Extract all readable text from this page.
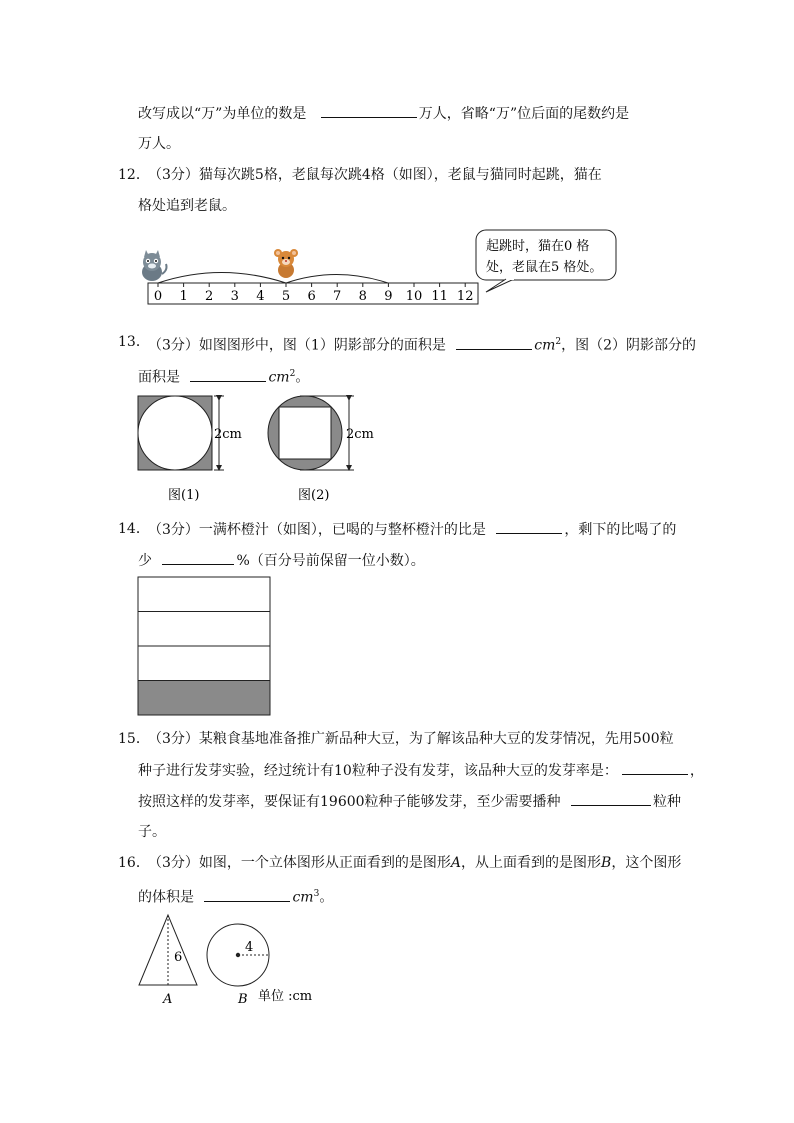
改写成以“万”为单位的数是	万人，省略“万”位后面的尾数约是
万人。
12．
（3分）猫每次跳5格，老鼠每次跳4格（如图），老鼠与猫同时起跳，猫在
格处追到老鼠。
0 1 2 3 4 5 6 7 8 9 10 11 12
起跳时，猫在0 格
处，老鼠在5 格处。
13．
（3分）如图图形中，图（1）阴影部分的面积是	$cm^2$，图（2）阴影部分的
面积是	$cm^2$。
2cm
图(1)
2cm
图(2)
14．
（3分）一满杯橙汁（如图），已喝的与整杯橙汁的比是	，剩下的比喝了的
少	%（百分号前保留一位小数）。
15．
（3分）某粮食基地准备推广新品种大豆，为了解该品种大豆的发芽情况，先用500粒
种子进行发芽实验，经过统计有10粒种子没有发芽，该品种大豆的发芽率是：	，
按照这样的发芽率，要保证有19600粒种子能够发芽，至少需要播种	粒种
子。
16．
（3分）如图，一个立体图形从正面看到的是图形A，从上面看到的是图形B，这个图形
的体积是	$cm^3$。
6
A
4
B 单位 :cm
